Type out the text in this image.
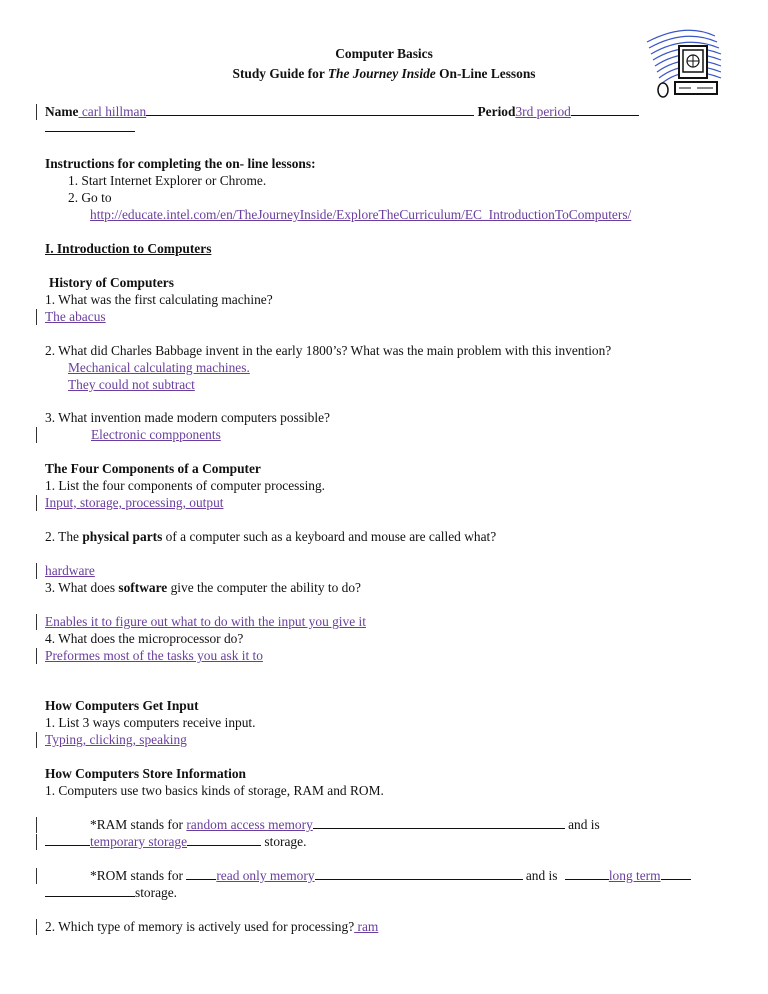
Computer Basics
Study Guide for The Journey Inside On-Line Lessons
Name carl hillman	Period3rd period
Instructions for completing the on- line lessons:
1. Start Internet Explorer or Chrome.
2. Go to
http://educate.intel.com/en/TheJourneyInside/ExploreTheCurriculum/EC_IntroductionToComputers/
I. Introduction to Computers
History of Computers
1. What was the first calculating machine?
The abacus
2. What did Charles Babbage invent in the early 1800’s? What was the main problem with this invention?
Mechanical calculating machines.
They could not subtract
3. What invention made modern computers possible?
Electronic compponents
The Four Components of a Computer
1. List the four components of computer processing.
Input, storage, processing, output
2. The physical parts of a computer such as a keyboard and mouse are called what?
hardware
3. What does software give the computer the ability to do?
Enables it to figure out what to do with the input you give it
4. What does the microprocessor do?
Preformes most of the tasks you ask it to
How Computers Get Input
1. List 3 ways computers receive input.
Typing, clicking, speaking
How Computers Store Information
1. Computers use two basics kinds of storage, RAM and ROM.
*RAM stands for random access memory	and is
temporary storage	storage.
*ROM stands for read only memory	and is	long term
storage.
2. Which type of memory is actively used for processing? ram
